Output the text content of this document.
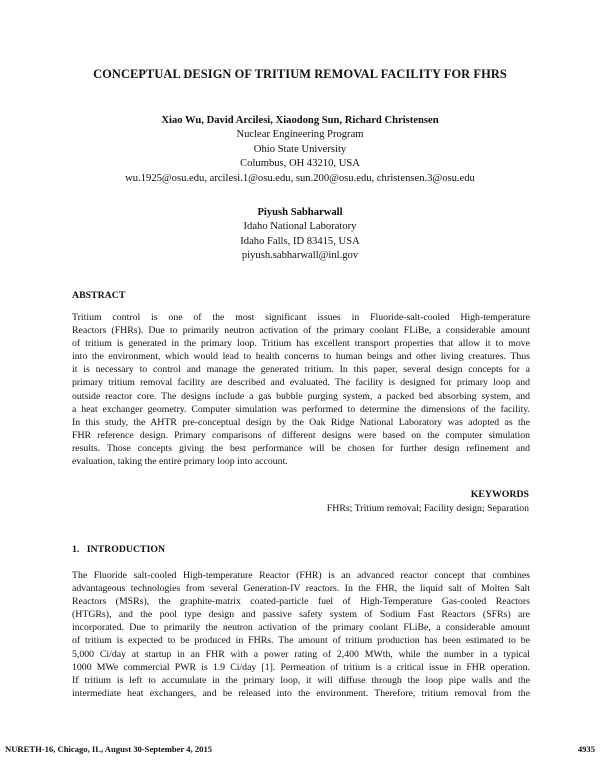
CONCEPTUAL DESIGN OF TRITIUM REMOVAL FACILITY FOR FHRS
Xiao Wu, David Arcilesi, Xiaodong Sun, Richard Christensen
Nuclear Engineering Program
Ohio State University
Columbus, OH 43210, USA
wu.1925@osu.edu, arcilesi.1@osu.edu, sun.200@osu.edu, christensen.3@osu.edu
Piyush Sabharwall
Idaho National Laboratory
Idaho Falls, ID 83415, USA
piyush.sabharwall@inl.gov
ABSTRACT
Tritium control is one of the most significant issues in Fluoride-salt-cooled High-temperature
Reactors (FHRs). Due to primarily neutron activation of the primary coolant FLiBe, a considerable amount
of tritium is generated in the primary loop. Tritium has excellent transport properties that allow it to move
into the environment, which would lead to health concerns to human beings and other living creatures. Thus
it is necessary to control and manage the generated tritium. In this paper, several design concepts for a
primary tritium removal facility are described and evaluated. The facility is designed for primary loop and
outside reactor core. The designs include a gas bubble purging system, a packed bed absorbing system, and
a heat exchanger geometry. Computer simulation was performed to determine the dimensions of the facility.
In this study, the AHTR pre-conceptual design by the Oak Ridge National Laboratory was adopted as the
FHR reference design. Primary comparisons of different designs were based on the computer simulation
results. Those concepts giving the best performance will be chosen for further design refinement and
evaluation, taking the entire primary loop into account.
KEYWORDS
FHRs; Tritium removal; Facility design; Separation
1.   INTRODUCTION
The Fluoride salt-cooled High-temperature Reactor (FHR) is an advanced reactor concept that combines
advantageous technologies from several Generation-IV reactors. In the FHR, the liquid salt of Molten Salt
Reactors (MSRs), the graphite-matrix coated-particle fuel of High-Temperature Gas-cooled Reactors
(HTGRs), and the pool type design and passive safety system of Sodium Fast Reactors (SFRs) are
incorporated. Due to primarily the neutron activation of the primary coolant FLiBe, a considerable amount
of tritium is expected to be produced in FHRs. The amount of tritium production has been estimated to be
5,000 Ci/day at startup in an FHR with a power rating of 2,400 MWth, while the number in a typical
1000 MWe commercial PWR is 1.9 Ci/day [1]. Permeation of tritium is a critical issue in FHR operation.
If tritium is left to accumulate in the primary loop, it will diffuse through the loop pipe walls and the
intermediate heat exchangers, and be released into the environment. Therefore, tritium removal from the
NURETH-16, Chicago, IL, August 30-September 4, 2015	4935
